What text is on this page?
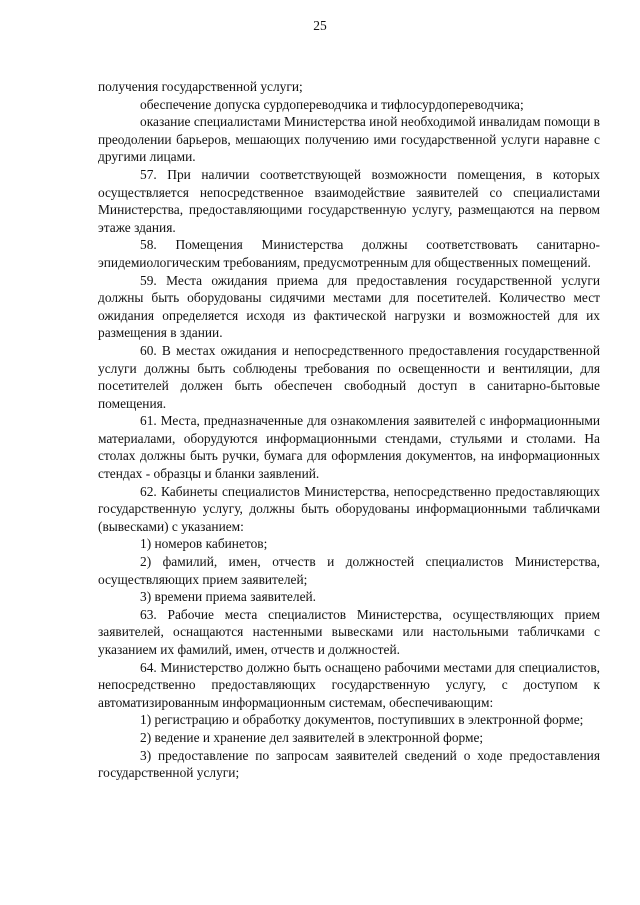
25

получения государственной услуги;

обеспечение допуска сурдопереводчика и тифлосурдопереводчика;

оказание специалистами Министерства иной необходимой инвалидам помощи в преодолении барьеров, мешающих получению ими государственной услуги наравне с другими лицами.

57. При наличии соответствующей возможности помещения, в которых осуществляется непосредственное взаимодействие заявителей со специалистами Министерства, предоставляющими государственную услугу, размещаются на первом этаже здания.

58. Помещения Министерства должны соответствовать санитарно-эпидемиологическим требованиям, предусмотренным для общественных помещений.

59. Места ожидания приема для предоставления государственной услуги должны быть оборудованы сидячими местами для посетителей. Количество мест ожидания определяется исходя из фактической нагрузки и возможностей для их размещения в здании.

60. В местах ожидания и непосредственного предоставления государственной услуги должны быть соблюдены требования по освещенности и вентиляции, для посетителей должен быть обеспечен свободный доступ в санитарно-бытовые помещения.

61. Места, предназначенные для ознакомления заявителей с информационными материалами, оборудуются информационными стендами, стульями и столами. На столах должны быть ручки, бумага для оформления документов, на информационных стендах - образцы и бланки заявлений.

62. Кабинеты специалистов Министерства, непосредственно предоставляющих государственную услугу, должны быть оборудованы информационными табличками (вывесками) с указанием:

1) номеров кабинетов;

2) фамилий, имен, отчеств и должностей специалистов Министерства, осуществляющих прием заявителей;

3) времени приема заявителей.

63. Рабочие места специалистов Министерства, осуществляющих прием заявителей, оснащаются настенными вывесками или настольными табличками с указанием их фамилий, имен, отчеств и должностей.

64. Министерство должно быть оснащено рабочими местами для специалистов, непосредственно предоставляющих государственную услугу, с доступом к автоматизированным информационным системам, обеспечивающим:

1) регистрацию и обработку документов, поступивших в электронной форме;

2) ведение и хранение дел заявителей в электронной форме;

3) предоставление по запросам заявителей сведений о ходе предоставления государственной услуги;
